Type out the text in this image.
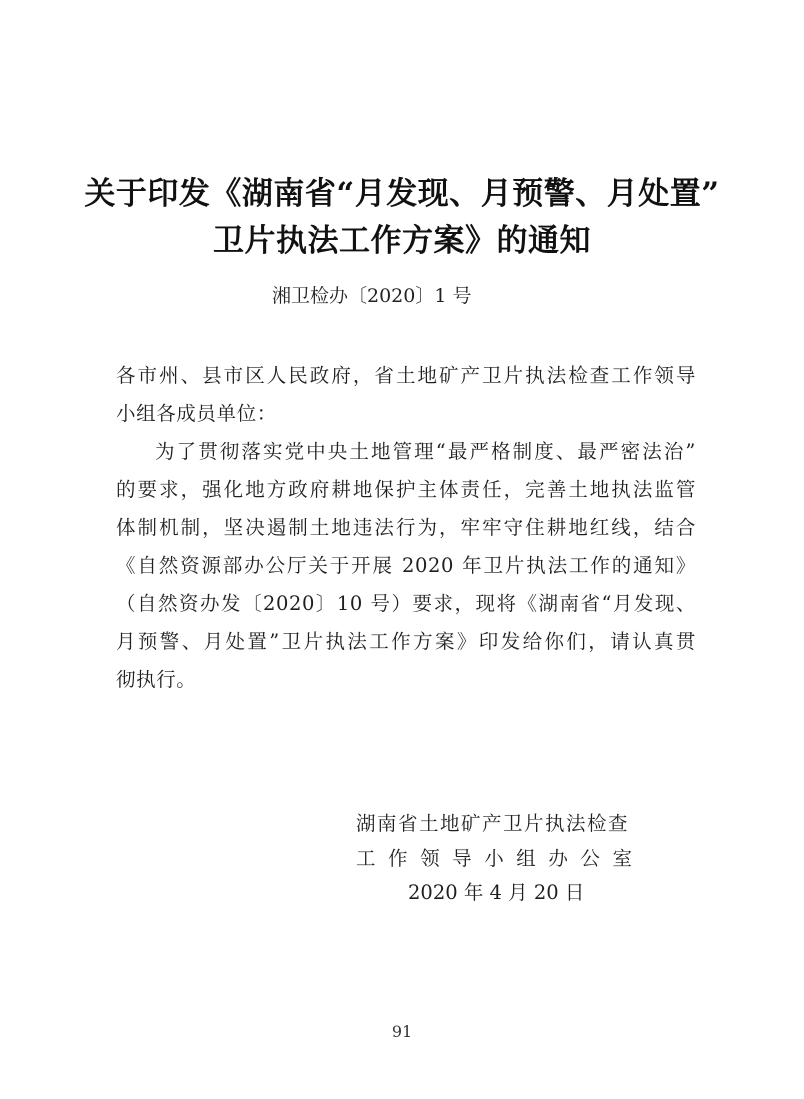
关于印发《湖南省“月发现、月预警、月处置”
卫片执法工作方案》的通知

湘卫检办〔2020〕1 号

各市州、县市区人民政府，省土地矿产卫片执法检查工作领导

小组各成员单位：

为了贯彻落实党中央土地管理“最严格制度、最严密法治”

的要求，强化地方政府耕地保护主体责任，完善土地执法监管

体制机制，坚决遏制土地违法行为，牢牢守住耕地红线，结合

《自然资源部办公厅关于开展 2020 年卫片执法工作的通知》

（自然资办发〔2020〕10 号）要求，现将《湖南省“月发现、

月预警、月处置”卫片执法工作方案》印发给你们，请认真贯

彻执行。

湖南省土地矿产卫片执法检查

工作领导小组办公室

2020 年 4 月 20 日

91
